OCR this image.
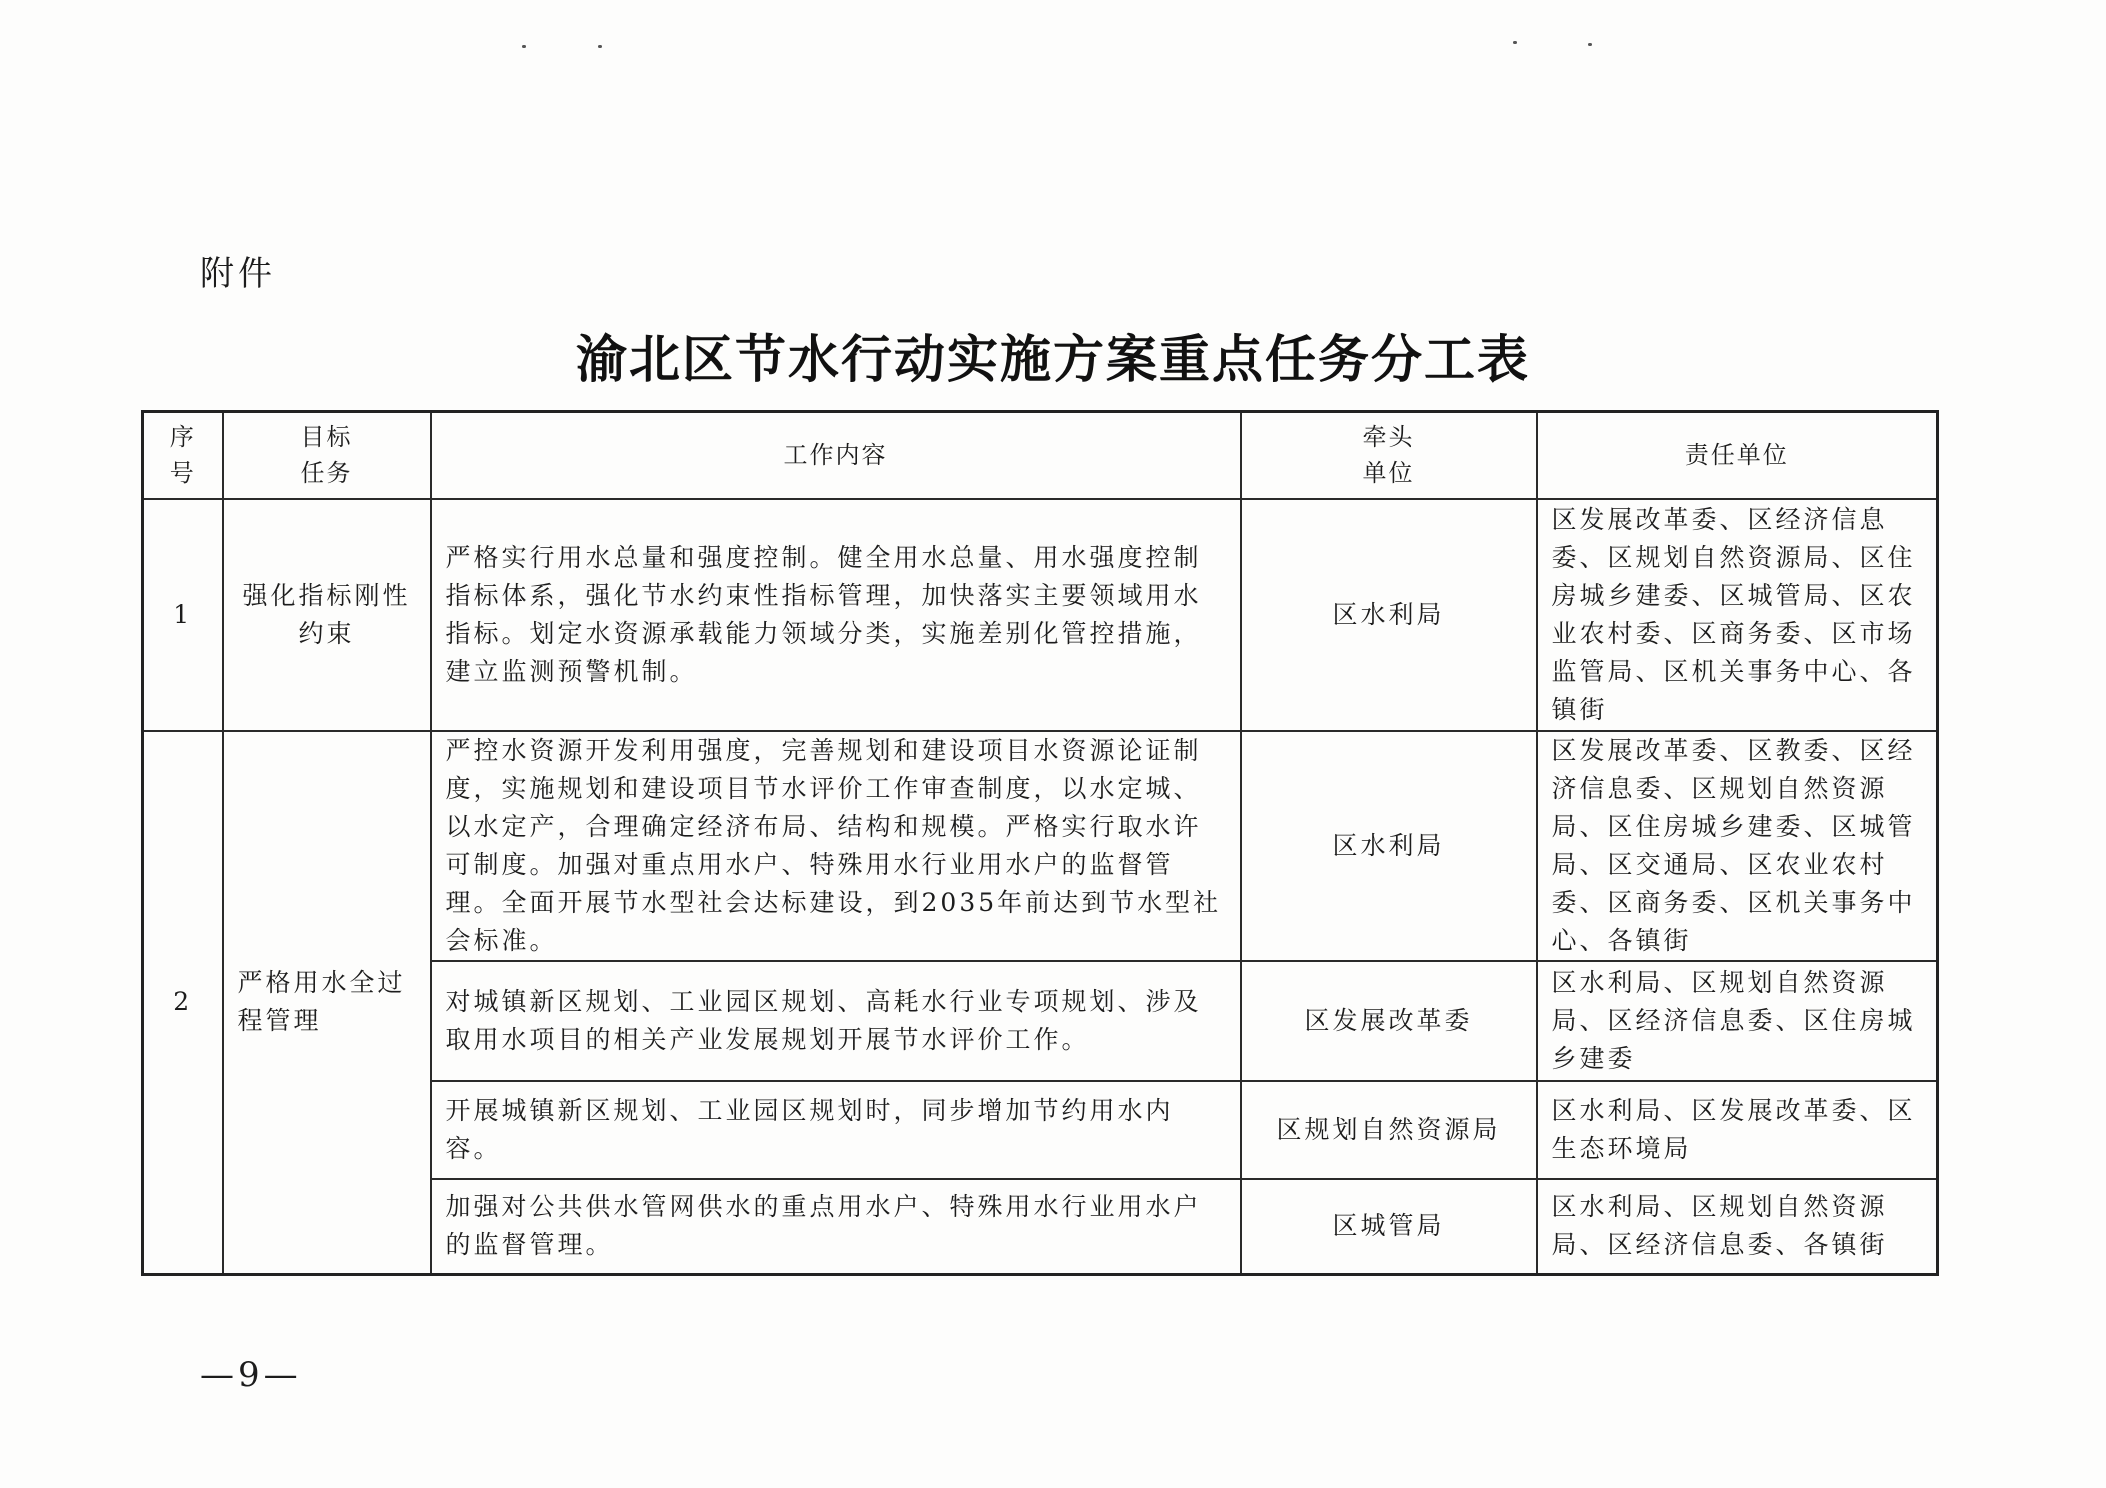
附件
渝北区节水行动实施方案重点任务分工表
序号	目标任务	工作内容	牵头单位	责任单位
1	强化指标刚性约束	严格实行用水总量和强度控制。健全用水总量、用水强度控制指标体系，强化节水约束性指标管理，加快落实主要领域用水指标。划定水资源承载能力领域分类，实施差别化管控措施，建立监测预警机制。	区水利局	区发展改革委、区经济信息委、区规划自然资源局、区住房城乡建委、区城管局、区农业农村委、区商务委、区市场监管局、区机关事务中心、各镇街
2	严格用水全过程管理	严控水资源开发利用强度，完善规划和建设项目水资源论证制度，实施规划和建设项目节水评价工作审查制度，以水定城、以水定产，合理确定经济布局、结构和规模。严格实行取水许可制度。加强对重点用水户、特殊用水行业用水户的监督管理。全面开展节水型社会达标建设，到2035年前达到节水型社会标准。	区水利局	区发展改革委、区教委、区经济信息委、区规划自然资源局、区住房城乡建委、区城管局、区交通局、区农业农村委、区商务委、区机关事务中心、各镇街
		对城镇新区规划、工业园区规划、高耗水行业专项规划、涉及取用水项目的相关产业发展规划开展节水评价工作。	区发展改革委	区水利局、区规划自然资源局、区经济信息委、区住房城乡建委
		开展城镇新区规划、工业园区规划时，同步增加节约用水内容。	区规划自然资源局	区水利局、区发展改革委、区生态环境局
		加强对公共供水管网供水的重点用水户、特殊用水行业用水户的监督管理。	区城管局	区水利局、区规划自然资源局、区经济信息委、各镇街
—9—
